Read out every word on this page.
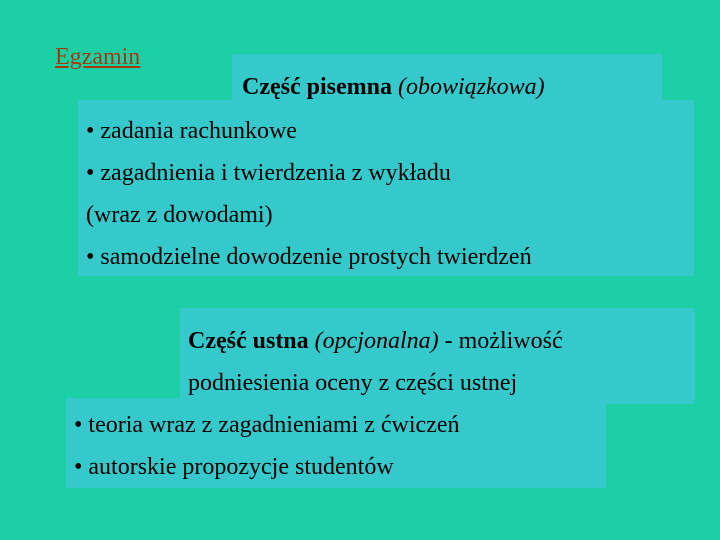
Egzamin
Część pisemna (obowiązkowa)
• zadania rachunkowe
• zagadnienia i twierdzenia z wykładu
(wraz z dowodami)
• samodzielne dowodzenie prostych twierdzeń
Część ustna (opcjonalna) - możliwość
podniesienia oceny z części ustnej
• teoria wraz z zagadnieniami z ćwiczeń
• autorskie propozycje studentów
